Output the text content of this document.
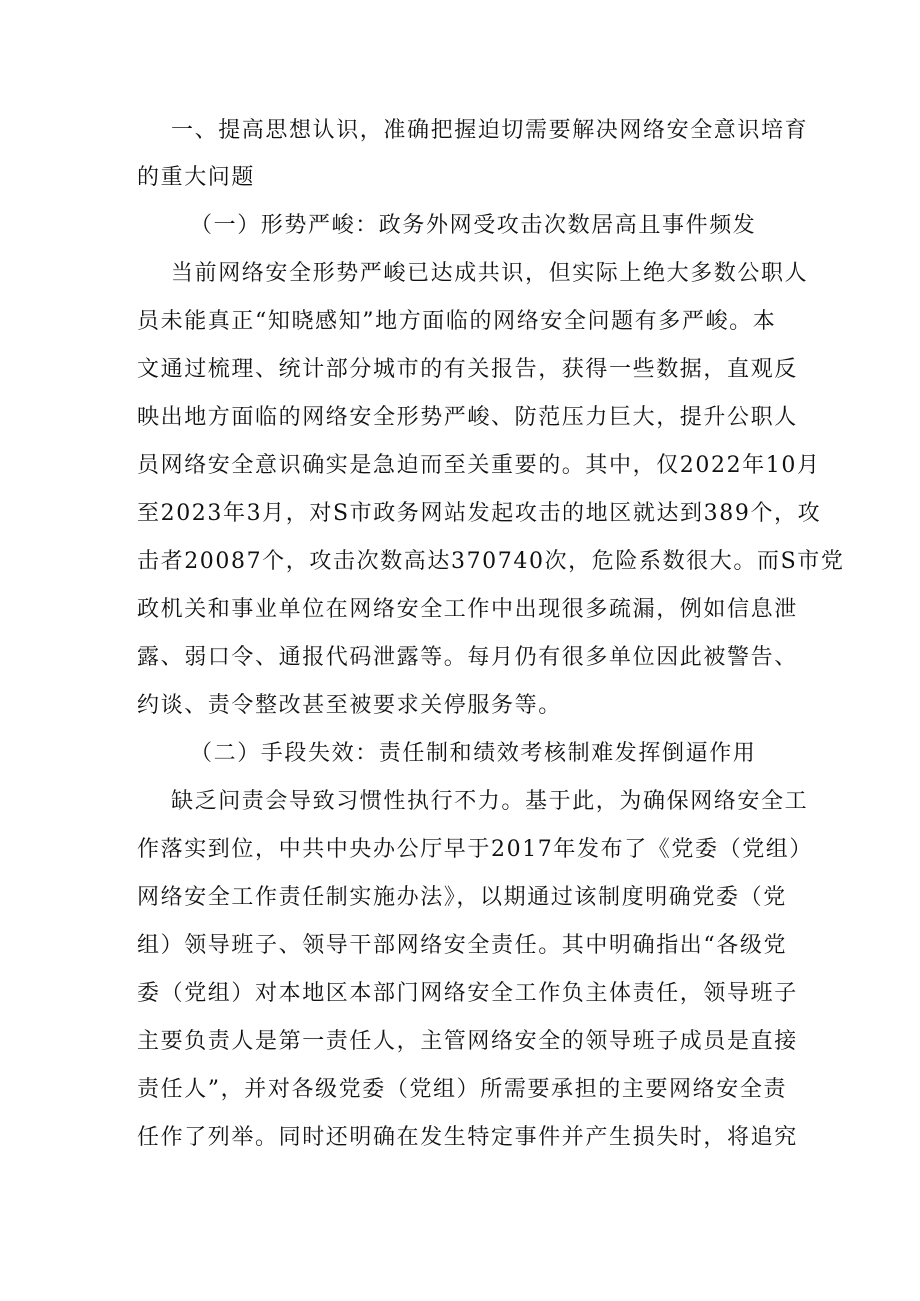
一、提高思想认识，准确把握迫切需要解决网络安全意识培育
的重大问题
（一）形势严峻：政务外网受攻击次数居高且事件频发
当前网络安全形势严峻已达成共识，但实际上绝大多数公职人
员未能真正“知晓感知”地方面临的网络安全问题有多严峻。本
文通过梳理、统计部分城市的有关报告，获得一些数据，直观反
映出地方面临的网络安全形势严峻、防范压力巨大，提升公职人
员网络安全意识确实是急迫而至关重要的。其中，仅2022年10月
至2023年3月，对S市政务网站发起攻击的地区就达到389个，攻
击者20087个，攻击次数高达370740次，危险系数很大。而S市党
政机关和事业单位在网络安全工作中出现很多疏漏，例如信息泄
露、弱口令、通报代码泄露等。每月仍有很多单位因此被警告、
约谈、责令整改甚至被要求关停服务等。
（二）手段失效：责任制和绩效考核制难发挥倒逼作用
缺乏问责会导致习惯性执行不力。基于此，为确保网络安全工
作落实到位，中共中央办公厅早于2017年发布了《党委（党组）
网络安全工作责任制实施办法》，以期通过该制度明确党委（党
组）领导班子、领导干部网络安全责任。其中明确指出“各级党
委（党组）对本地区本部门网络安全工作负主体责任，领导班子
主要负责人是第一责任人，主管网络安全的领导班子成员是直接
责任人”，并对各级党委（党组）所需要承担的主要网络安全责
任作了列举。同时还明确在发生特定事件并产生损失时，将追究
